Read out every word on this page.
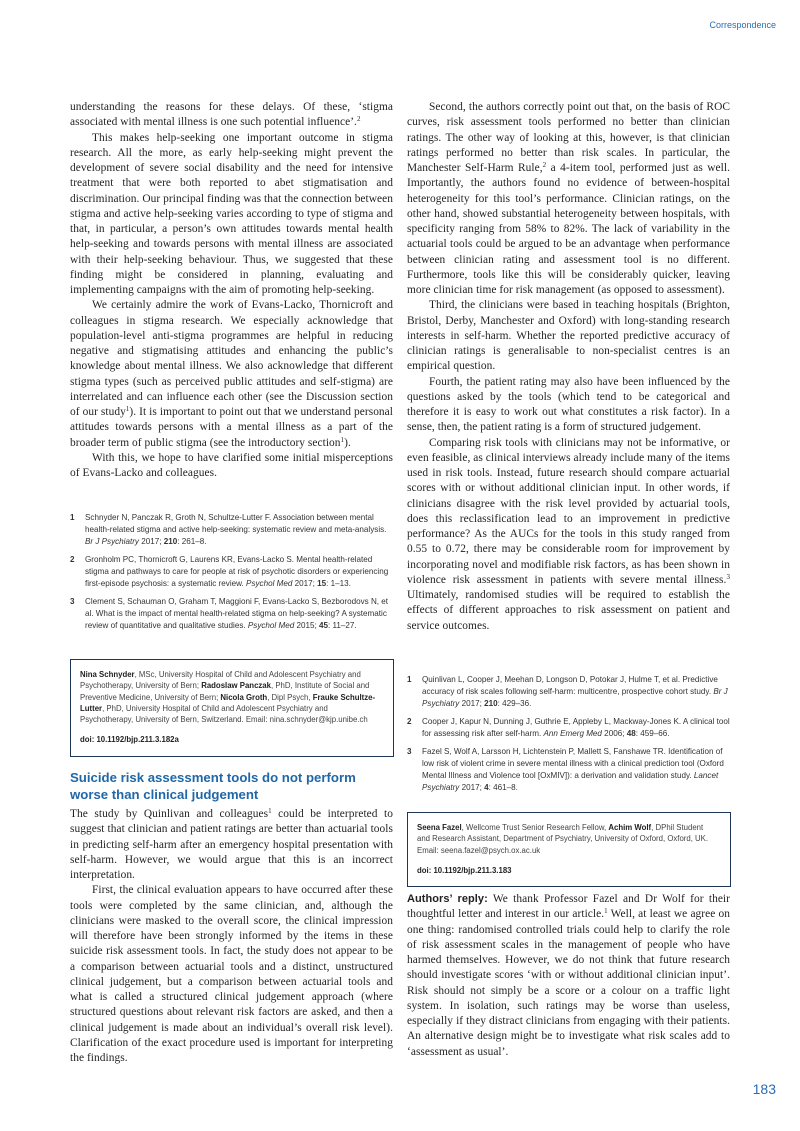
Correspondence

understanding the reasons for these delays. Of these, ‘stigma associated with mental illness is one such potential influence’.$^2$

This makes help-seeking one important outcome in stigma research. All the more, as early help-seeking might prevent the development of severe social disability and the need for intensive treatment that were both reported to abet stigmatisation and discrimination. Our principal finding was that the connection between stigma and active help-seeking varies according to type of stigma and that, in particular, a person’s own attitudes towards mental health help-seeking and towards persons with mental illness are associated with their help-seeking behaviour. Thus, we suggested that these finding might be considered in planning, evaluating and implementing campaigns with the aim of promoting help-seeking.

We certainly admire the work of Evans-Lacko, Thornicroft and colleagues in stigma research. We especially acknowledge that population-level anti-stigma programmes are helpful in reducing negative and stigmatising attitudes and enhancing the public’s knowledge about mental illness. We also acknowledge that different stigma types (such as perceived public attitudes and self-stigma) are interrelated and can influence each other (see the Discussion section of our study$^1$). It is important to point out that we understand personal attitudes towards persons with a mental illness as a part of the broader term of public stigma (see the introductory section$^1$).

With this, we hope to have clarified some initial misperceptions of Evans-Lacko and colleagues.

1	Schnyder N, Panczak R, Groth N, Schultze-Lutter F. Association between mental health-related stigma and active help-seeking: systematic review and meta-analysis. Br J Psychiatry 2017; 210: 261–8.
2	Gronholm PC, Thornicroft G, Laurens KR, Evans-Lacko S. Mental health-related stigma and pathways to care for people at risk of psychotic disorders or experiencing first-episode psychosis: a systematic review. Psychol Med 2017; 15: 1–13.
3	Clement S, Schauman O, Graham T, Maggioni F, Evans-Lacko S, Bezborodovs N, et al. What is the impact of mental health-related stigma on help-seeking? A systematic review of quantitative and qualitative studies. Psychol Med 2015; 45: 11–27.
Nina Schnyder, MSc, University Hospital of Child and Adolescent Psychiatry and Psychotherapy, University of Bern; Radoslaw Panczak, PhD, Institute of Social and Preventive Medicine, University of Bern; Nicola Groth, Dipl Psych, Frauke Schultze-Lutter, PhD, University Hospital of Child and Adolescent Psychiatry and Psychotherapy, University of Bern, Switzerland. Email: nina.schnyder@kjp.unibe.ch
doi: 10.1192/bjp.211.3.182a
Suicide risk assessment tools do not perform worse than clinical judgement

The study by Quinlivan and colleagues$^1$ could be interpreted to suggest that clinician and patient ratings are better than actuarial tools in predicting self-harm after an emergency hospital presentation with self-harm. However, we would argue that this is an incorrect interpretation.

First, the clinical evaluation appears to have occurred after these tools were completed by the same clinician, and, although the clinicians were masked to the overall score, the clinical impression will therefore have been strongly informed by the items in these suicide risk assessment tools. In fact, the study does not appear to be a comparison between actuarial tools and a distinct, unstructured clinical judgement, but a comparison between actuarial tools and what is called a structured clinical judgement approach (where structured questions about relevant risk factors are asked, and then a clinical judgement is made about an individual’s overall risk level). Clarification of the exact procedure used is important for interpreting the findings.

Second, the authors correctly point out that, on the basis of ROC curves, risk assessment tools performed no better than clinician ratings. The other way of looking at this, however, is that clinician ratings performed no better than risk scales. In particular, the Manchester Self-Harm Rule,$^2$ a 4-item tool, performed just as well. Importantly, the authors found no evidence of between-hospital heterogeneity for this tool’s performance. Clinician ratings, on the other hand, showed substantial heterogeneity between hospitals, with specificity ranging from 58% to 82%. The lack of variability in the actuarial tools could be argued to be an advantage when performance between clinician rating and assessment tool is no different. Furthermore, tools like this will be considerably quicker, leaving more clinician time for risk management (as opposed to assessment).

Third, the clinicians were based in teaching hospitals (Brighton, Bristol, Derby, Manchester and Oxford) with long-standing research interests in self-harm. Whether the reported predictive accuracy of clinician ratings is generalisable to non-specialist centres is an empirical question.

Fourth, the patient rating may also have been influenced by the questions asked by the tools (which tend to be categorical and therefore it is easy to work out what constitutes a risk factor). In a sense, then, the patient rating is a form of structured judgement.

Comparing risk tools with clinicians may not be informative, or even feasible, as clinical interviews already include many of the items used in risk tools. Instead, future research should compare actuarial scores with or without additional clinician input. In other words, if clinicians disagree with the risk level provided by actuarial tools, does this reclassification lead to an improvement in predictive performance? As the AUCs for the tools in this study ranged from 0.55 to 0.72, there may be considerable room for improvement by incorporating novel and modifiable risk factors, as has been shown in violence risk assessment in patients with severe mental illness.$^3$ Ultimately, randomised studies will be required to establish the effects of different approaches to risk assessment on patient and service outcomes.

1	Quinlivan L, Cooper J, Meehan D, Longson D, Potokar J, Hulme T, et al. Predictive accuracy of risk scales following self-harm: multicentre, prospective cohort study. Br J Psychiatry 2017; 210: 429–36.
2	Cooper J, Kapur N, Dunning J, Guthrie E, Appleby L, Mackway-Jones K. A clinical tool for assessing risk after self-harm. Ann Emerg Med 2006; 48: 459–66.
3	Fazel S, Wolf A, Larsson H, Lichtenstein P, Mallett S, Fanshawe TR. Identification of low risk of violent crime in severe mental illness with a clinical prediction tool (Oxford Mental Illness and Violence tool [OxMIV]): a derivation and validation study. Lancet Psychiatry 2017; 4: 461–8.
Seena Fazel, Wellcome Trust Senior Research Fellow, Achim Wolf, DPhil Student and Research Assistant, Department of Psychiatry, University of Oxford, Oxford, UK. Email: seena.fazel@psych.ox.ac.uk
doi: 10.1192/bjp.211.3.183

Authors’ reply: We thank Professor Fazel and Dr Wolf for their thoughtful letter and interest in our article.$^1$ Well, at least we agree on one thing: randomised controlled trials could help to clarify the role of risk assessment scales in the management of people who have harmed themselves. However, we do not think that future research should investigate scores ‘with or without additional clinician input’. Risk should not simply be a score or a colour on a traffic light system. In isolation, such ratings may be worse than useless, especially if they distract clinicians from engaging with their patients. An alternative design might be to investigate what risk scales add to ‘assessment as usual’.

183
